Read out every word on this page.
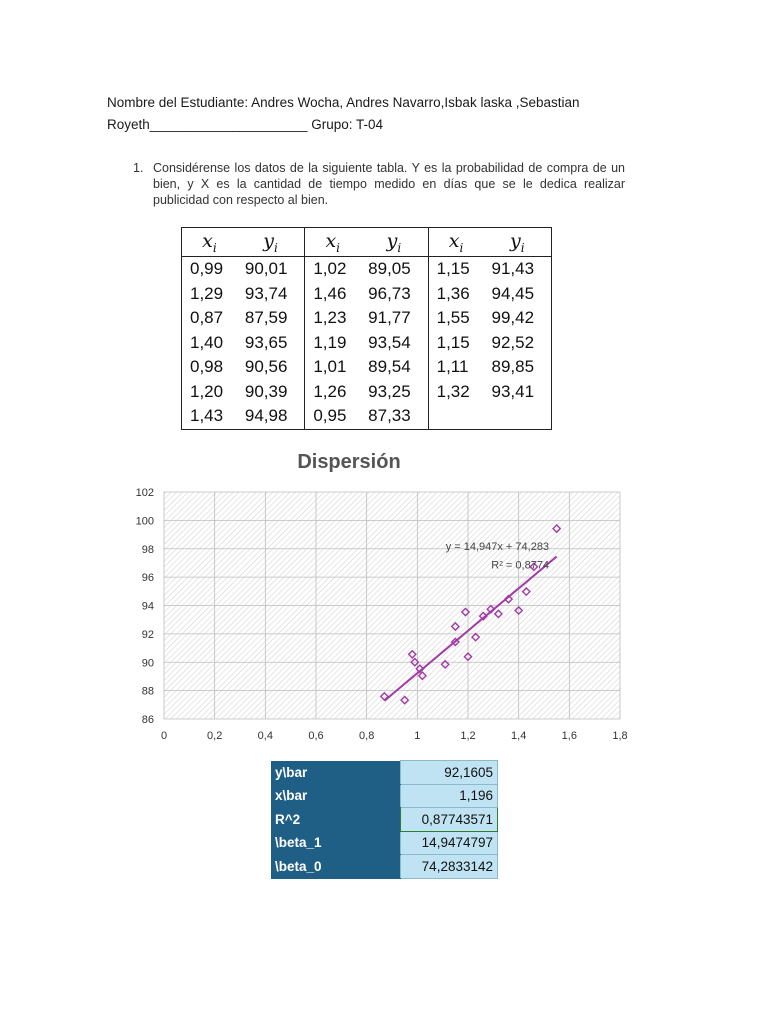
Nombre del Estudiante: Andres Wocha, Andres Navarro,Isbak laska ,Sebastian
Royeth_____________________ Grupo: T-04
1. Considérense los datos de la siguiente tabla. Y es la probabilidad de compra de un bien, y X es la cantidad de tiempo medido en días que se le dedica realizar publicidad con respecto al bien.
$x_i$	$y_i$	$x_i$	$y_i$	$x_i$	$y_i$
0,99	90,01	1,02	89,05	1,15	91,43
1,29	93,74	1,46	96,73	1,36	94,45
0,87	87,59	1,23	91,77	1,55	99,42
1,40	93,65	1,19	93,54	1,15	92,52
0,98	90,56	1,01	89,54	1,11	89,85
1,20	90,39	1,26	93,25	1,32	93,41
1,43	94,98	0,95	87,33		
Dispersión
86
88
90
92
94
96
98
100
102
0	0,2	0,4	0,6	0,8	1	1,2	1,4	1,6	1,8
y = 14,947x + 74,283
R² = 0,8774
y\bar	92,1605
x\bar	1,196
R^2	0,87743571
\beta_1	14,9474797
\beta_0	74,2833142
